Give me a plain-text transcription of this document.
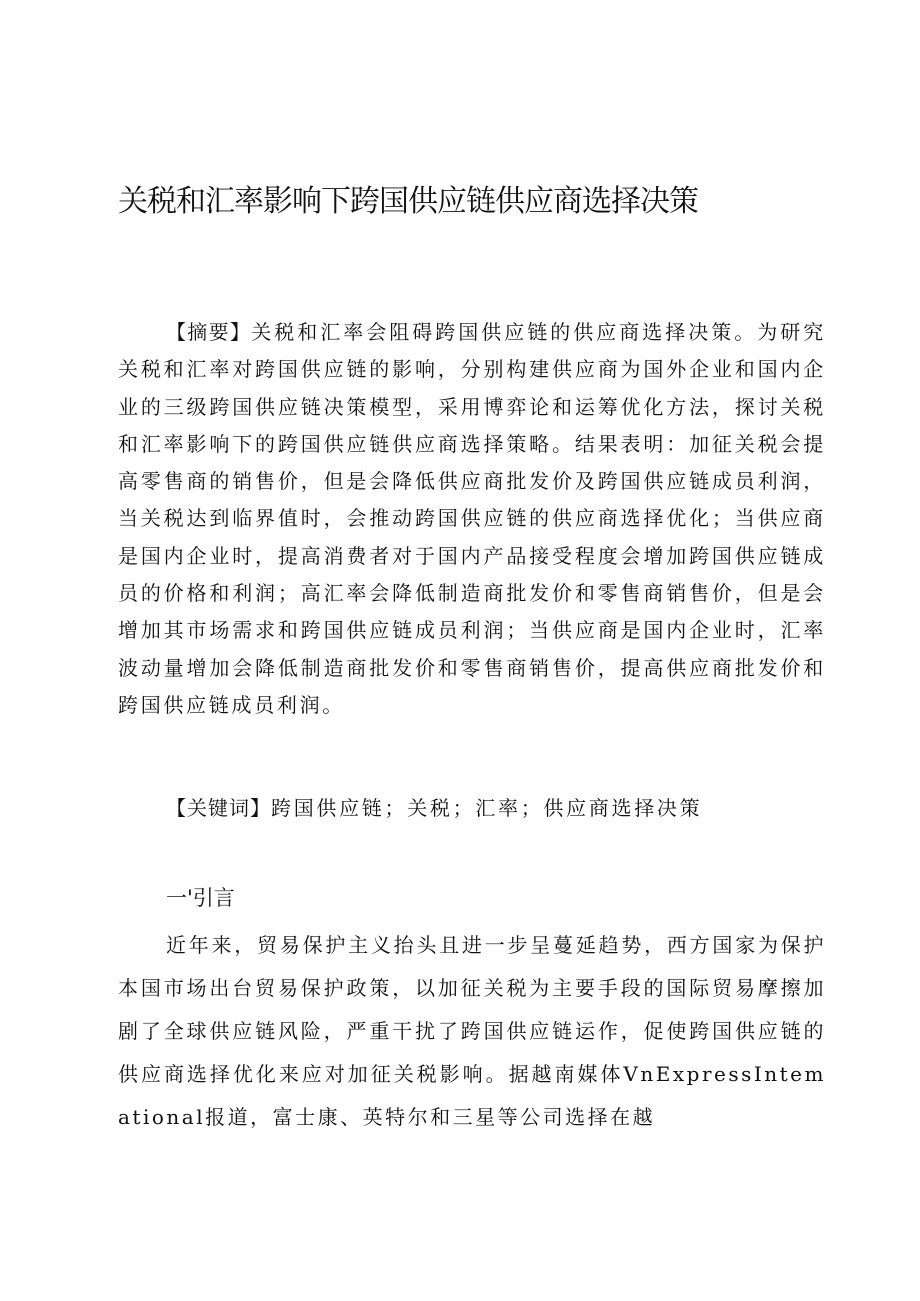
关税和汇率影响下跨国供应链供应商选择决策

【摘要】关税和汇率会阻碍跨国供应链的供应商选择决策。为研究关税和汇率对跨国供应链的影响，分别构建供应商为国外企业和国内企业的三级跨国供应链决策模型，采用博弈论和运筹优化方法，探讨关税和汇率影响下的跨国供应链供应商选择策略。结果表明：加征关税会提高零售商的销售价，但是会降低供应商批发价及跨国供应链成员利润，当关税达到临界值时，会推动跨国供应链的供应商选择优化；当供应商是国内企业时，提高消费者对于国内产品接受程度会增加跨国供应链成员的价格和利润；高汇率会降低制造商批发价和零售商销售价，但是会增加其市场需求和跨国供应链成员利润；当供应商是国内企业时，汇率波动量增加会降低制造商批发价和零售商销售价，提高供应商批发价和跨国供应链成员利润。

【关键词】跨国供应链；关税；汇率；供应商选择决策

一'引言

近年来，贸易保护主义抬头且进一步呈蔓延趋势，西方国家为保护本国市场出台贸易保护政策，以加征关税为主要手段的国际贸易摩擦加剧了全球供应链风险，严重干扰了跨国供应链运作，促使跨国供应链的供应商选择优化来应对加征关税影响。据越南媒体VnExpressIntemational报道，富士康、英特尔和三星等公司选择在越
